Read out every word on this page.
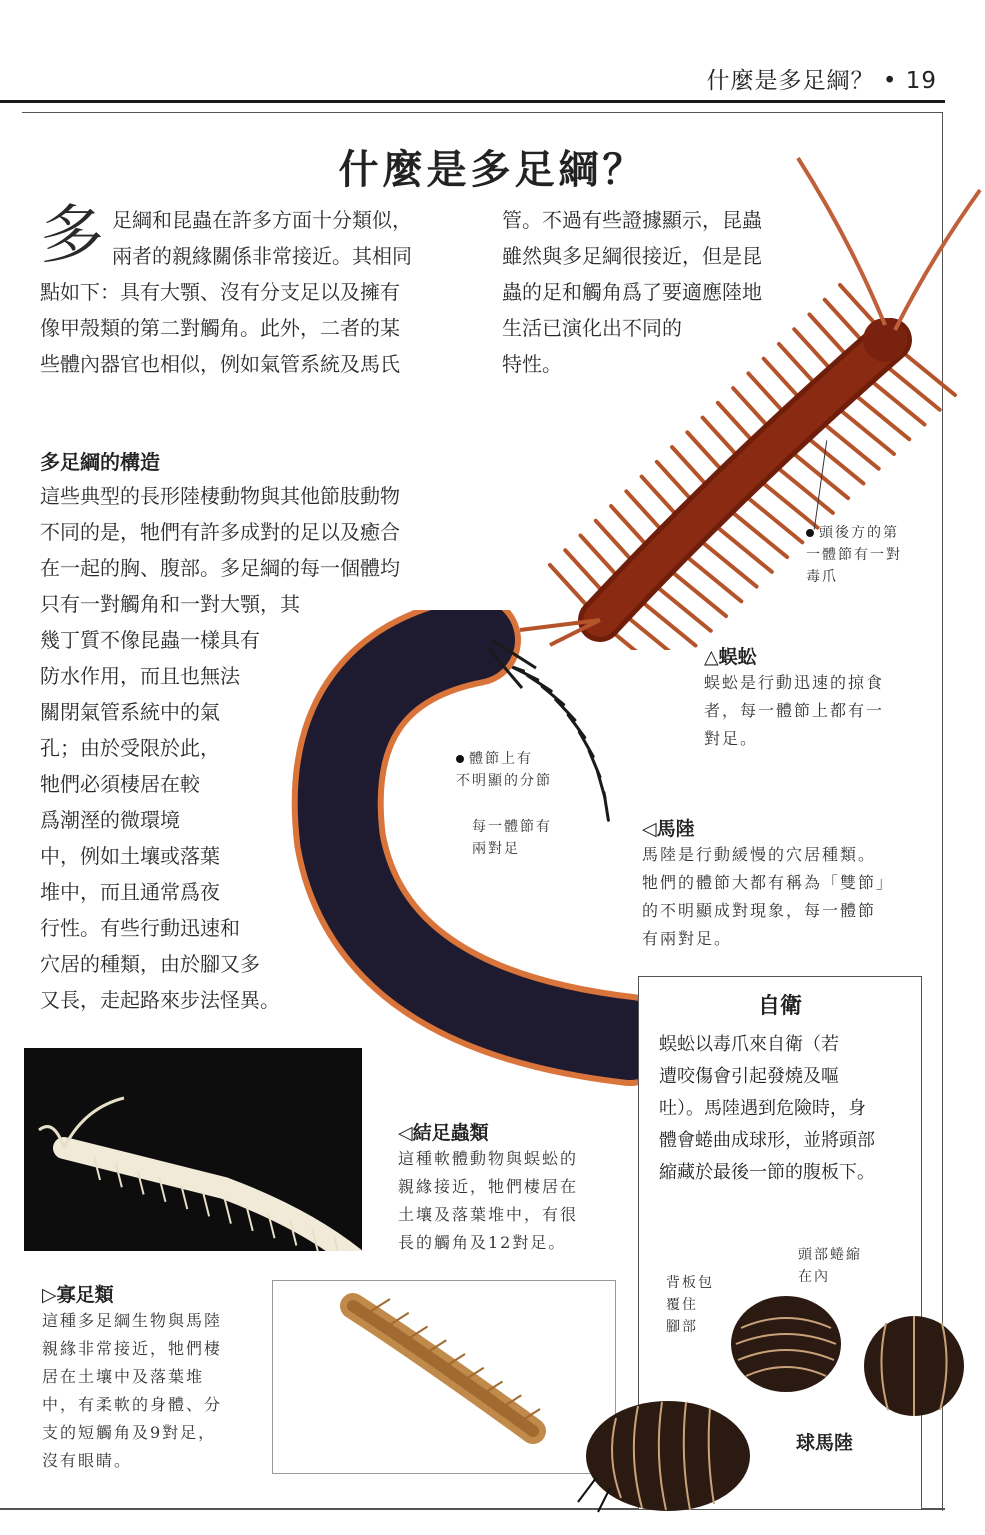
什麼是多足綱？ • 19
什麼是多足綱？
多 足綱和昆蟲在許多方面十分類似，
兩者的親緣關係非常接近。其相同
點如下：具有大顎、沒有分支足以及擁有
像甲殼類的第二對觸角。此外，二者的某
些體內器官也相似，例如氣管系統及馬氏
管。不過有些證據顯示，昆蟲
雖然與多足綱很接近，但是昆
蟲的足和觸角爲了要適應陸地
生活已演化出不同的
特性。
多足綱的構造
這些典型的長形陸棲動物與其他節肢動物
不同的是，牠們有許多成對的足以及癒合
在一起的胸、腹部。多足綱的每一個體均
只有一對觸角和一對大顎，其
幾丁質不像昆蟲一樣具有
防水作用，而且也無法
關閉氣管系統中的氣
孔；由於受限於此，
牠們必須棲居在較
爲潮溼的微環境
中，例如土壤或落葉
堆中，而且通常爲夜
行性。有些行動迅速和
穴居的種類，由於腳又多
又長，走起路來步法怪異。
頭後方的第
一體節有一對
毒爪
體節上有
不明顯的分節
每一體節有
兩對足
△蜈蚣
蜈蚣是行動迅速的掠食
者，每一體節上都有一
對足。
◁馬陸
馬陸是行動緩慢的穴居種類。
牠們的體節大都有稱為「雙節」
的不明顯成對現象，每一體節
有兩對足。
◁結足蟲類
這種軟體動物與蜈蚣的
親緣接近，牠們棲居在
土壤及落葉堆中，有很
長的觸角及12對足。
▷寡足類
這種多足綱生物與馬陸
親緣非常接近，牠們棲
居在土壤中及落葉堆
中，有柔軟的身體、分
支的短觸角及9對足，
沒有眼睛。
自衛
蜈蚣以毒爪來自衛（若
遭咬傷會引起發燒及嘔
吐）。馬陸遇到危險時，身
體會蜷曲成球形，並將頭部
縮藏於最後一節的腹板下。
頭部蜷縮
在內
背板包
覆住
腳部
球馬陸
